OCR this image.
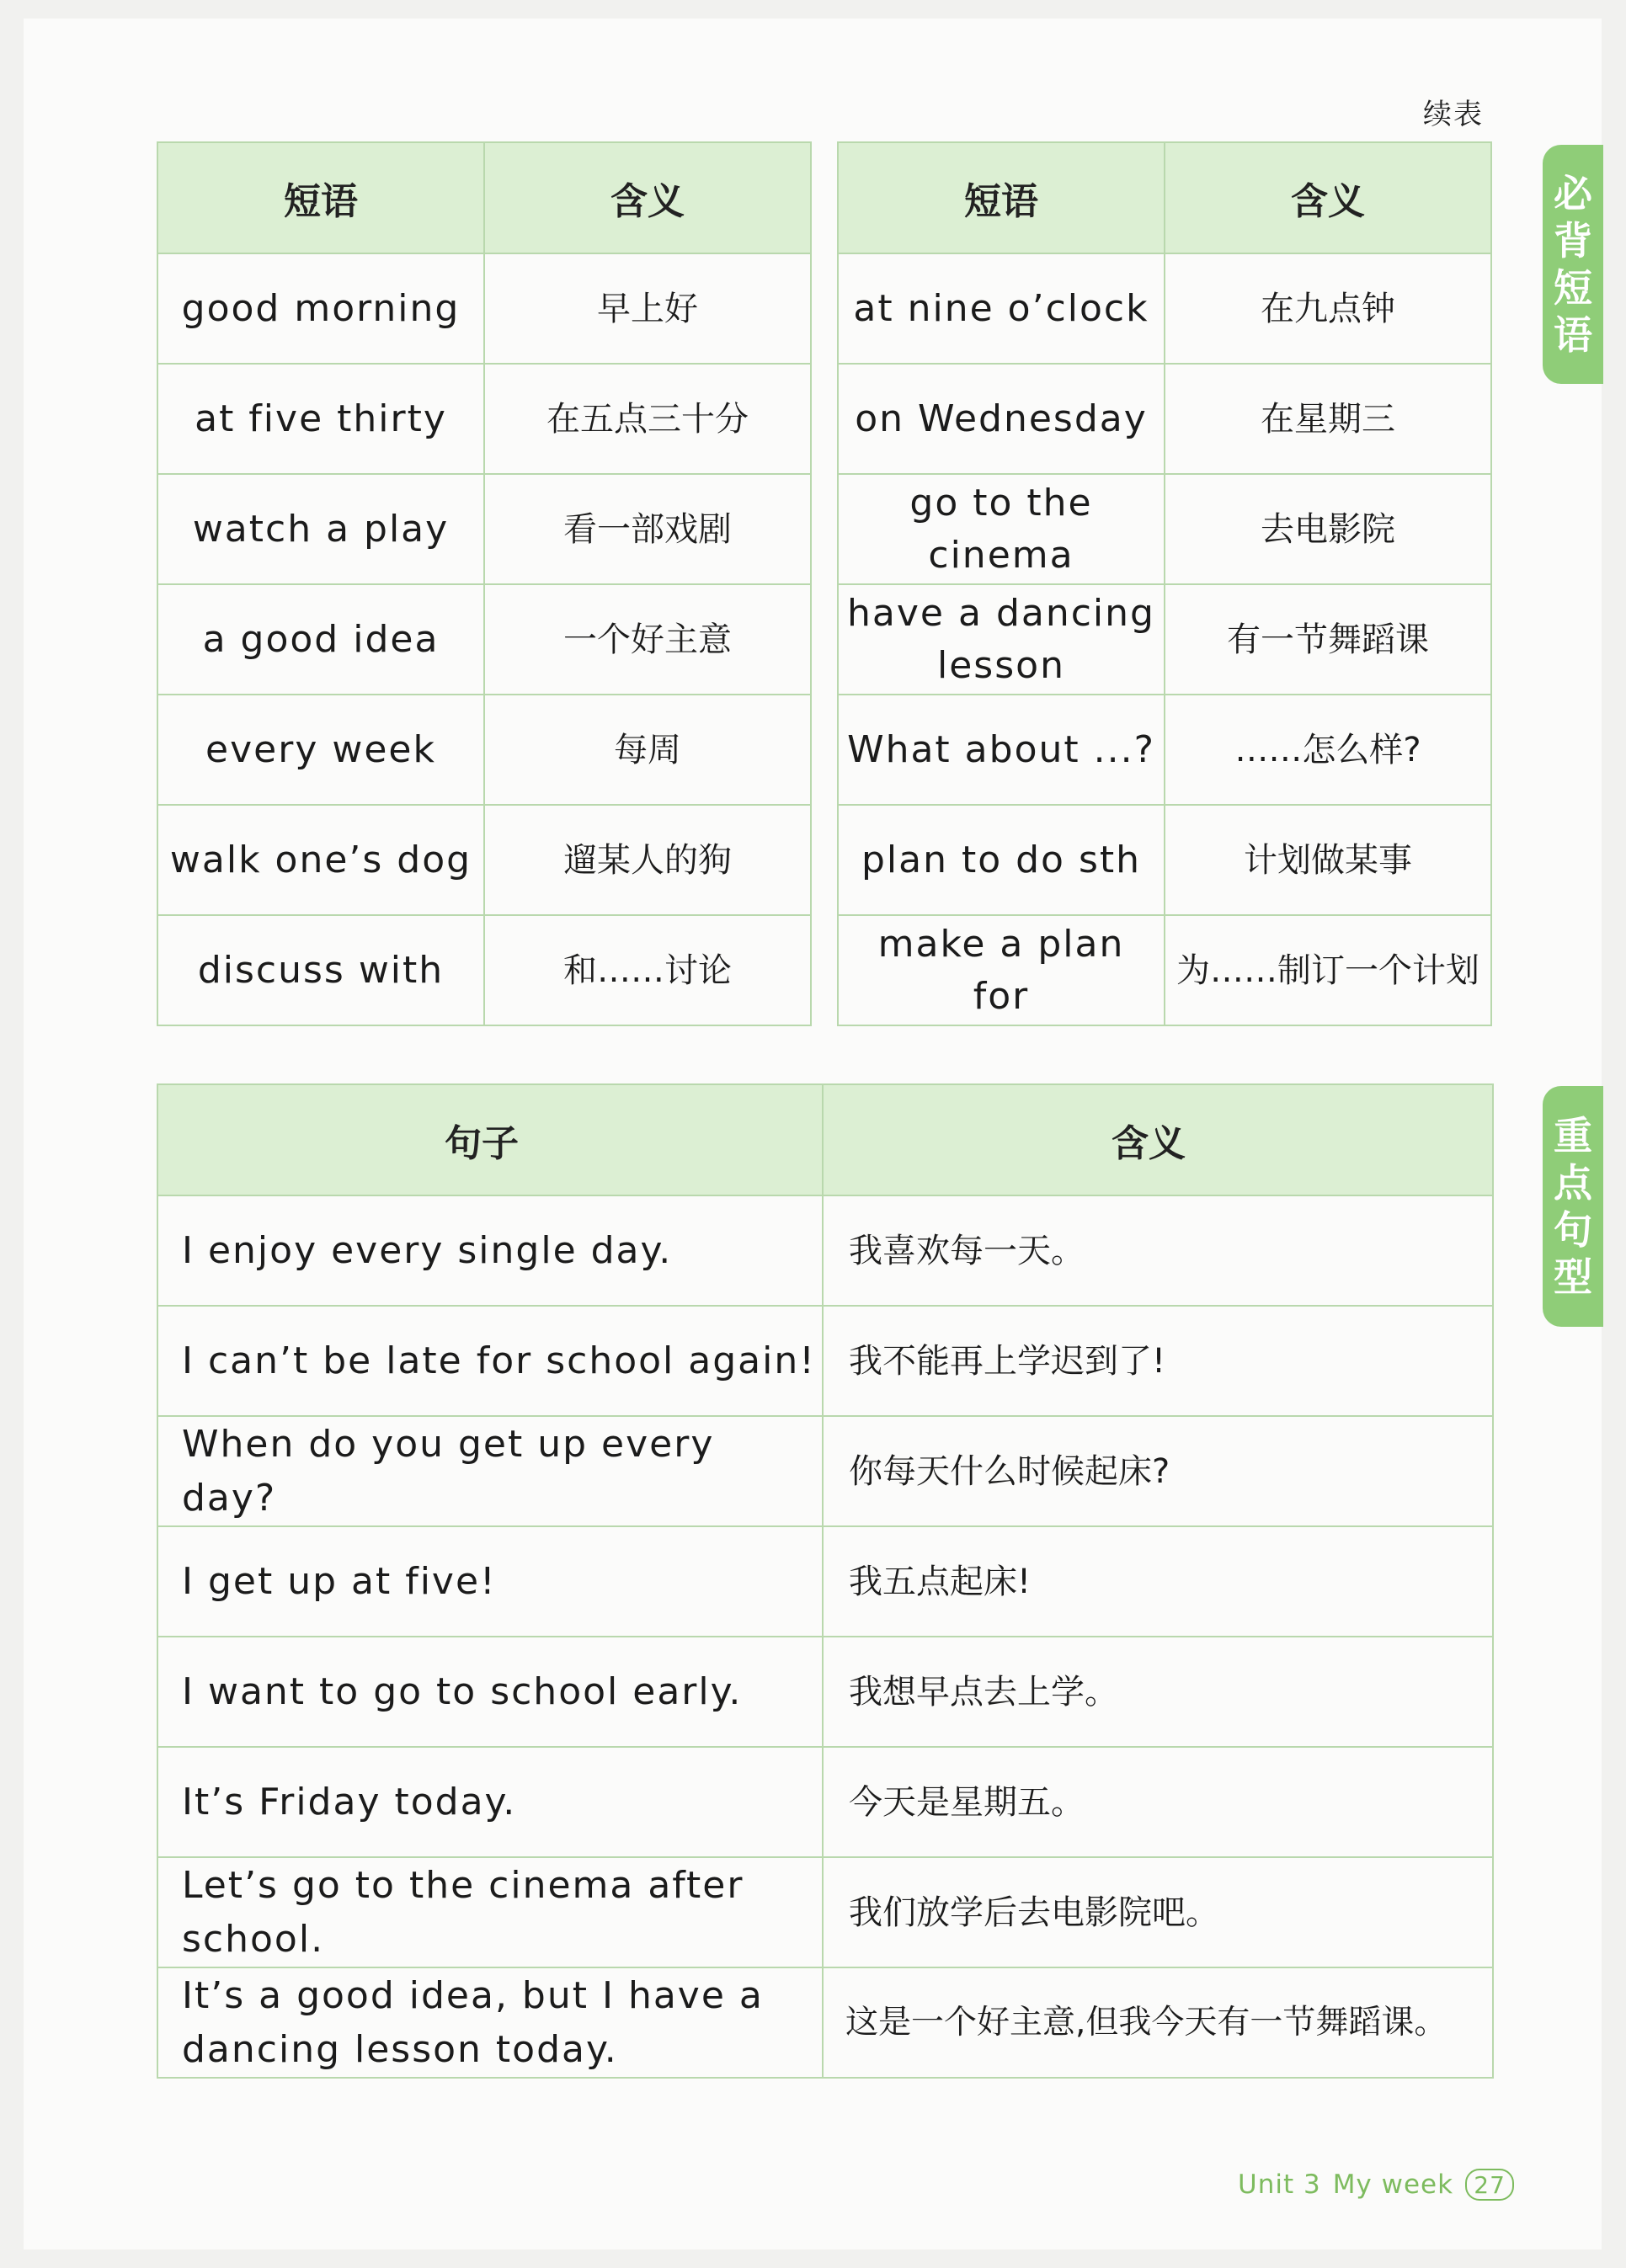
续表
短语	含义
good morning	早上好
at five thirty	在五点三十分
watch a play	看一部戏剧
a good idea	一个好主意
every week	每周
walk one’s dog	遛某人的狗
discuss with	和……讨论
短语	含义
at nine o’clock	在九点钟
on Wednesday	在星期三
go to the cinema	去电影院
have a dancing lesson	有一节舞蹈课
What about ...?	……怎么样?
plan to do sth	计划做某事
make a plan for	为……制订一个计划
句子	含义
I enjoy every single day.	我喜欢每一天。
I can’t be late for school again!	我不能再上学迟到了!
When do you get up every day?	你每天什么时候起床?
I get up at five!	我五点起床!
I want to go to school early.	我想早点去上学。
It’s Friday today.	今天是星期五。
Let’s go to the cinema after school.	我们放学后去电影院吧。
It’s a good idea, but I have a dancing lesson today.	这是一个好主意,但我今天有一节舞蹈课。
必
背
短
语
重
点
句
型
Unit 3 My week 27
